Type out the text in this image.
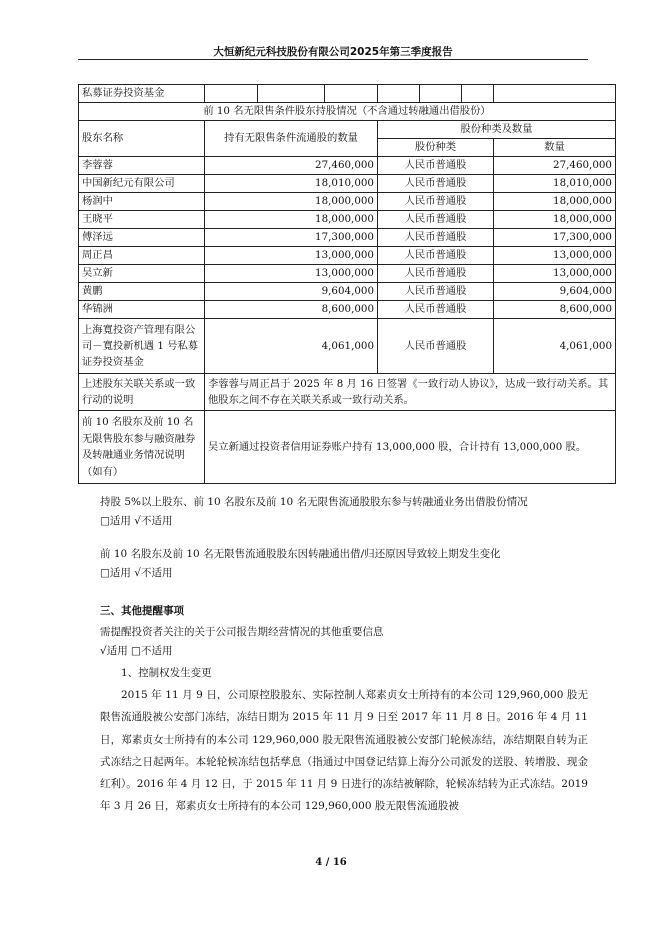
大恒新纪元科技股份有限公司2025年第三季度报告
私募证券投资基金							
前 10 名无限售条件股东持股情况（不含通过转融通出借股份）							
股东名称	持有无限售条件流通股的数量			股份种类及数量			
				股份种类			数量
李蓉蓉	27,460,000			人民币普通股			27,460,000
中国新纪元有限公司	18,010,000			人民币普通股			18,010,000
杨润中	18,000,000			人民币普通股			18,000,000
王晓平	18,000,000			人民币普通股			18,000,000
傅泽远	17,300,000			人民币普通股			17,300,000
周正昌	13,000,000			人民币普通股			13,000,000
吴立新	13,000,000			人民币普通股			13,000,000
黄鹏	9,604,000			人民币普通股			9,604,000
华锦洲	8,600,000			人民币普通股			8,600,000
上海寬投资产管理有限公司－寬投新机遇 1 号私募证券投资基金	4,061,000			人民币普通股			4,061,000
上述股东关联关系或一致行动的说明	李蓉蓉与周正昌于 2025 年 8 月 16 日签署《一致行动人协议》，达成一致行动关系。其他股东之间不存在关联关系或一致行动关系。						
前 10 名股东及前 10 名无限售股东参与融资融券及转融通业务情况说明（如有）	吴立新通过投资者信用证券账户持有 13,000,000 股，合计持有 13,000,000 股。						
持股 5%以上股东、前 10 名股东及前 10 名无限售流通股股东参与转融通业务出借股份情况
□适用 √不适用
前 10 名股东及前 10 名无限售流通股股东因转融通出借/归还原因导致较上期发生变化
□适用 √不适用
三、其他提醒事项
需提醒投资者关注的关于公司报告期经营情况的其他重要信息
√适用 □不适用
1、控制权发生变更
2015 年 11 月 9 日，公司原控股股东、实际控制人郑素贞女士所持有的本公司 129,960,000 股无限售流通股被公安部门冻结，冻结日期为 2015 年 11 月 9 日至 2017 年 11 月 8 日。2016 年 4 月 11 日，郑素贞女士所持有的本公司 129,960,000 股无限售流通股被公安部门轮候冻结，冻结期限自转为正式冻结之日起两年。本轮轮候冻结包括孳息（指通过中国登记结算上海分公司派发的送股、转增股、现金红利）。2016 年 4 月 12 日，于 2015 年 11 月 9 日进行的冻结被解除，轮候冻结转为正式冻结。2019 年 3 月 26 日，郑素贞女士所持有的本公司 129,960,000 股无限售流通股被
4 / 16
